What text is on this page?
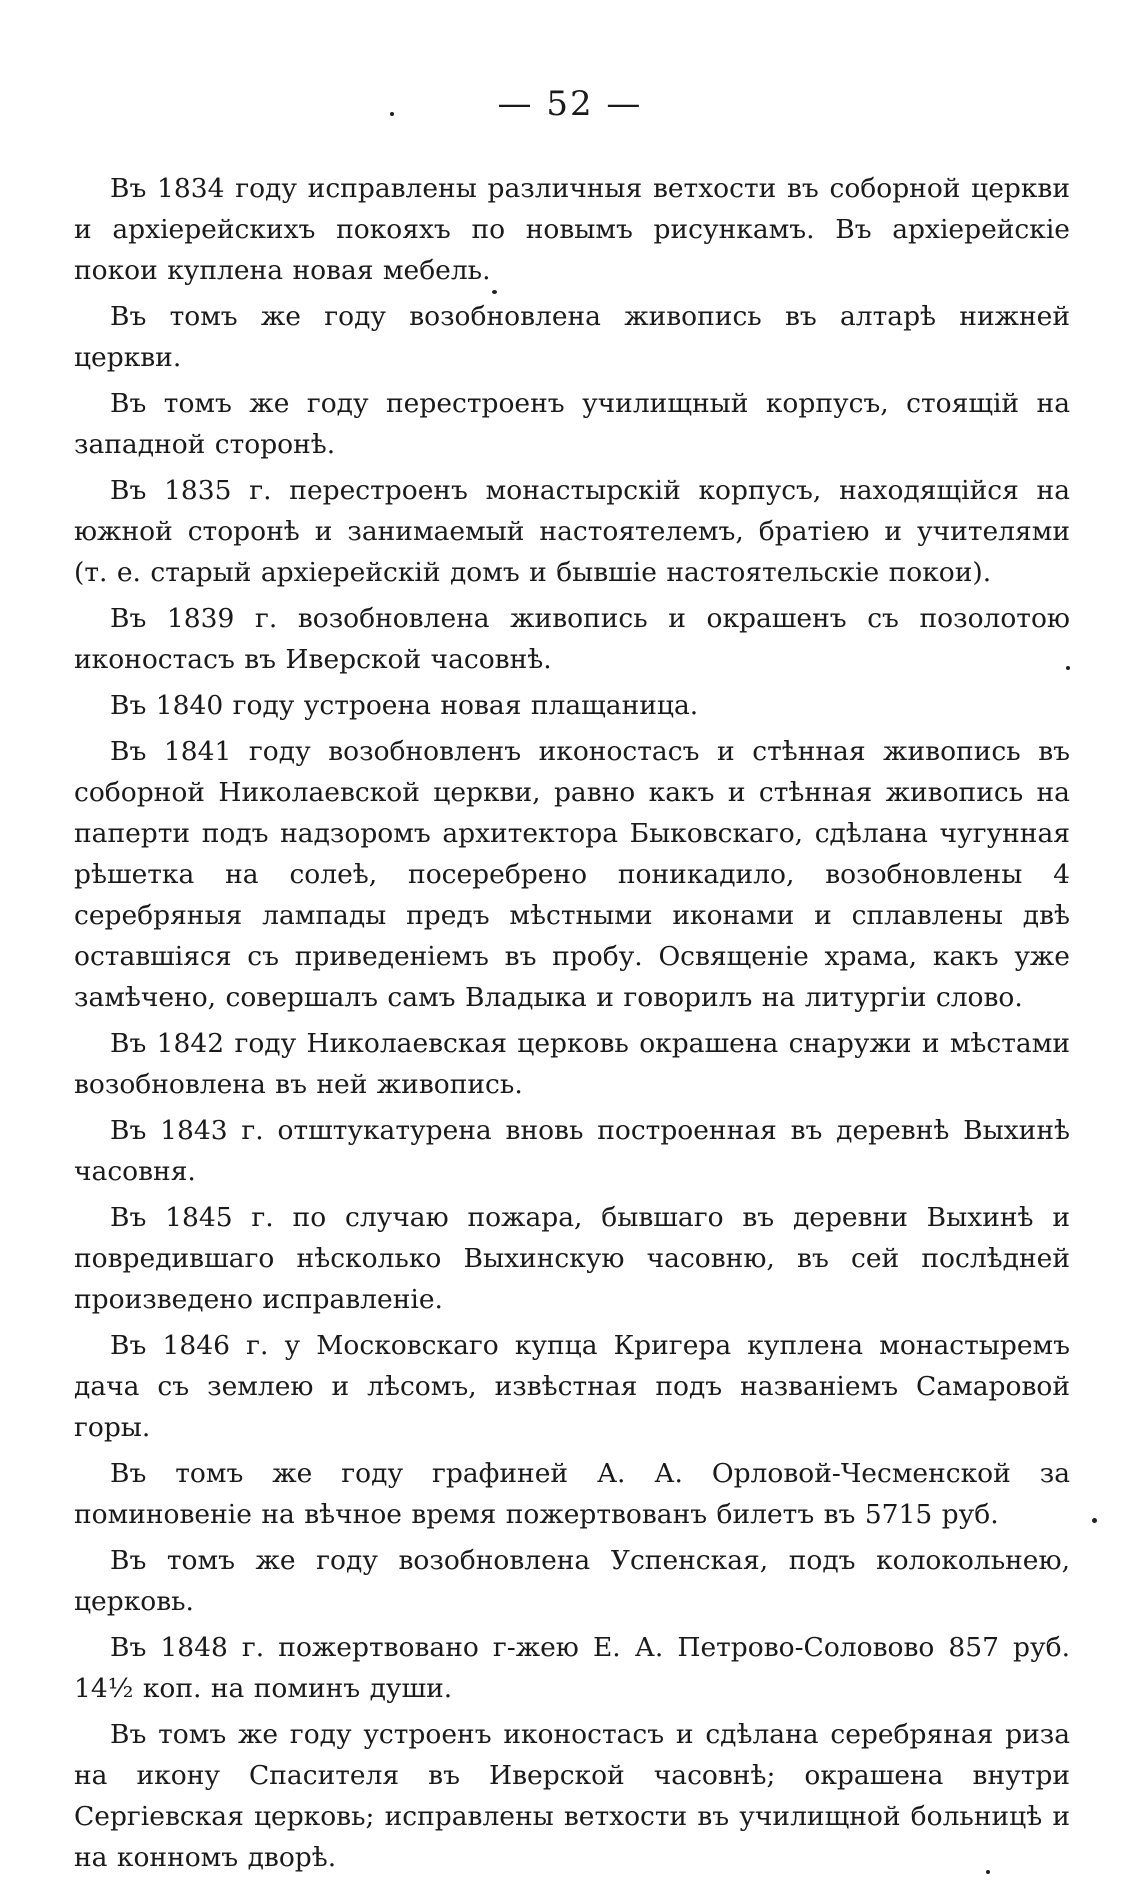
— 52 —

Въ 1834 году исправлены различныя ветхости въ соборной церкви и архіерейскихъ покояхъ по новымъ рисункамъ. Въ архіерейскіе покои куплена новая мебель.

Въ томъ же году возобновлена живопись въ алтарѣ нижней церкви.

Въ томъ же году перестроенъ училищный корпусъ, стоящій на западной сторонѣ.

Въ 1835 г. перестроенъ монастырскій корпусъ, находящійся на южной сторонѣ и занимаемый настоятелемъ, братіею и учителями (т. е. старый архіерейскій домъ и бывшіе настоятельскіе покои).

Въ 1839 г. возобновлена живопись и окрашенъ съ позолотою иконостасъ въ Иверской часовнѣ.

Въ 1840 году устроена новая плащаница.

Въ 1841 году возобновленъ иконостасъ и стѣнная живопись въ соборной Николаевской церкви, равно какъ и стѣнная живопись на паперти подъ надзоромъ архитектора Быковскаго, сдѣлана чугунная рѣшетка на солеѣ, посеребрено поникадило, возобновлены 4 серебряныя лампады предъ мѣстными иконами и сплавлены двѣ оставшіяся съ приведеніемъ въ пробу. Освященіе храма, какъ уже замѣчено, совершалъ самъ Владыка и говорилъ на литургіи слово.

Въ 1842 году Николаевская церковь окрашена снаружи и мѣстами возобновлена въ ней живопись.

Въ 1843 г. отштукатурена вновь построенная въ деревнѣ Выхинѣ часовня.

Въ 1845 г. по случаю пожара, бывшаго въ деревни Выхинѣ и повредившаго нѣсколько Выхинскую часовню, въ сей послѣдней произведено исправленіе.

Въ 1846 г. у Московскаго купца Кригера куплена монастыремъ дача съ землею и лѣсомъ, извѣстная подъ названіемъ Самаровой горы.

Въ томъ же году графиней А. А. Орловой-Чесменской за поминовеніе на вѣчное время пожертвованъ билетъ въ 5715 руб.

Въ томъ же году возобновлена Успенская, подъ колокольнею, церковь.

Въ 1848 г. пожертвовано г-жею Е. А. Петрово-Соловово 857 руб. 14½ коп. на поминъ души.

Въ томъ же году устроенъ иконостасъ и сдѣлана серебряная риза на икону Спасителя въ Иверской часовнѣ; окрашена внутри Сергіевская церковь; исправлены ветхости въ училищной больницѣ и на конномъ дворѣ.
